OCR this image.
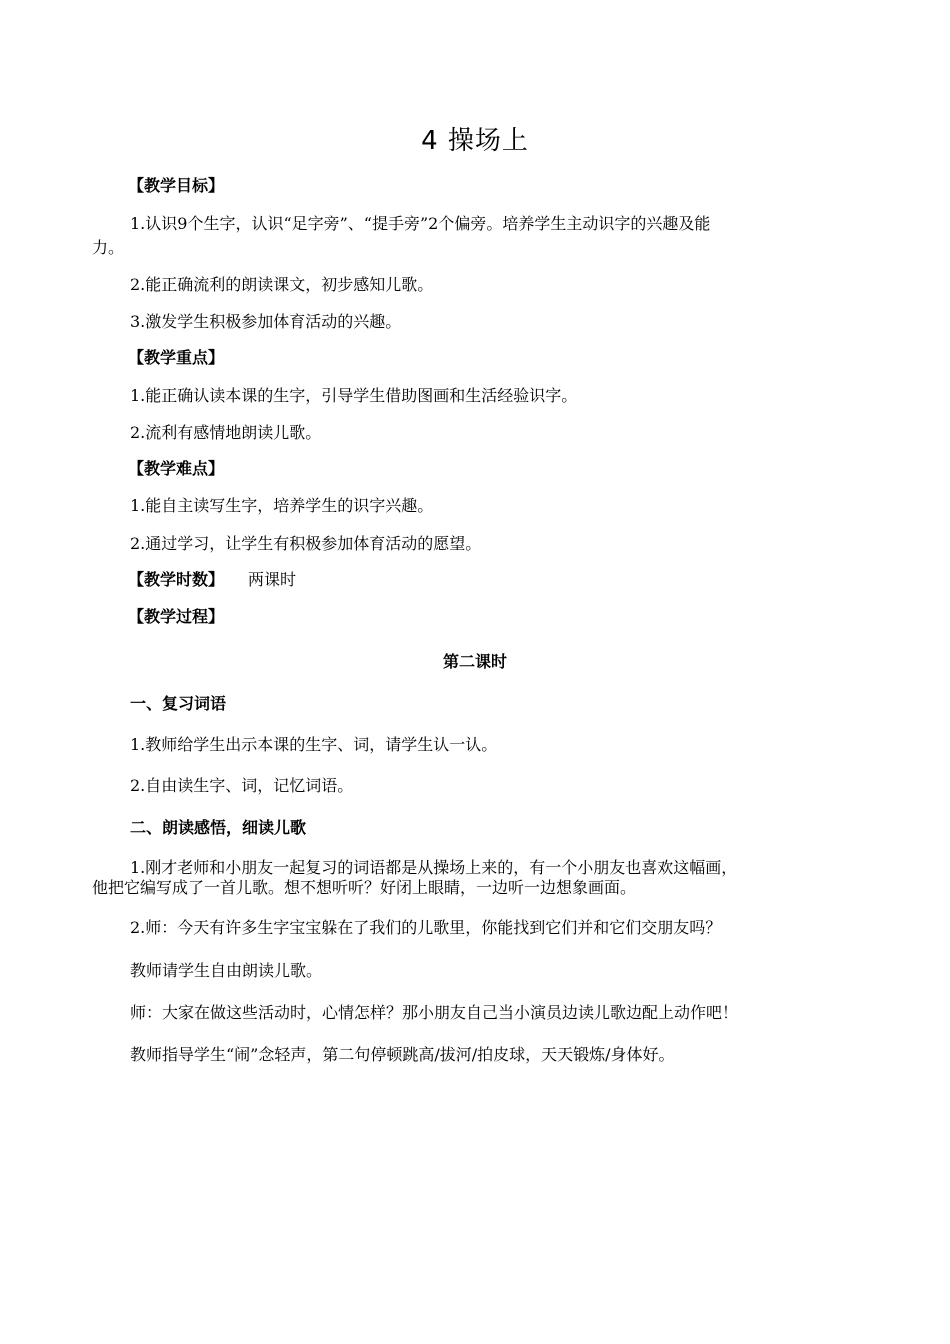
4 操场上
【教学目标】
1.认识9个生字，认识“足字旁”、“提手旁”2个偏旁。培养学生主动识字的兴趣及能
力。
2.能正确流利的朗读课文，初步感知儿歌。
3.激发学生积极参加体育活动的兴趣。
【教学重点】
1.能正确认读本课的生字，引导学生借助图画和生活经验识字。
2.流利有感情地朗读儿歌。
【教学难点】
1.能自主读写生字，培养学生的识字兴趣。
2.通过学习，让学生有积极参加体育活动的愿望。
【教学时数】 两课时
【教学过程】
第二课时
一、复习词语
1.教师给学生出示本课的生字、词，请学生认一认。
2.自由读生字、词，记忆词语。
二、朗读感悟，细读儿歌
1.刚才老师和小朋友一起复习的词语都是从操场上来的，有一个小朋友也喜欢这幅画，
他把它编写成了一首儿歌。想不想听听？好闭上眼睛，一边听一边想象画面。
2.师：今天有许多生字宝宝躲在了我们的儿歌里，你能找到它们并和它们交朋友吗？
教师请学生自由朗读儿歌。
师：大家在做这些活动时，心情怎样？那小朋友自己当小演员边读儿歌边配上动作吧！
教师指导学生“闹”念轻声，第二句停顿跳高/拔河/拍皮球，天天锻炼/身体好。
